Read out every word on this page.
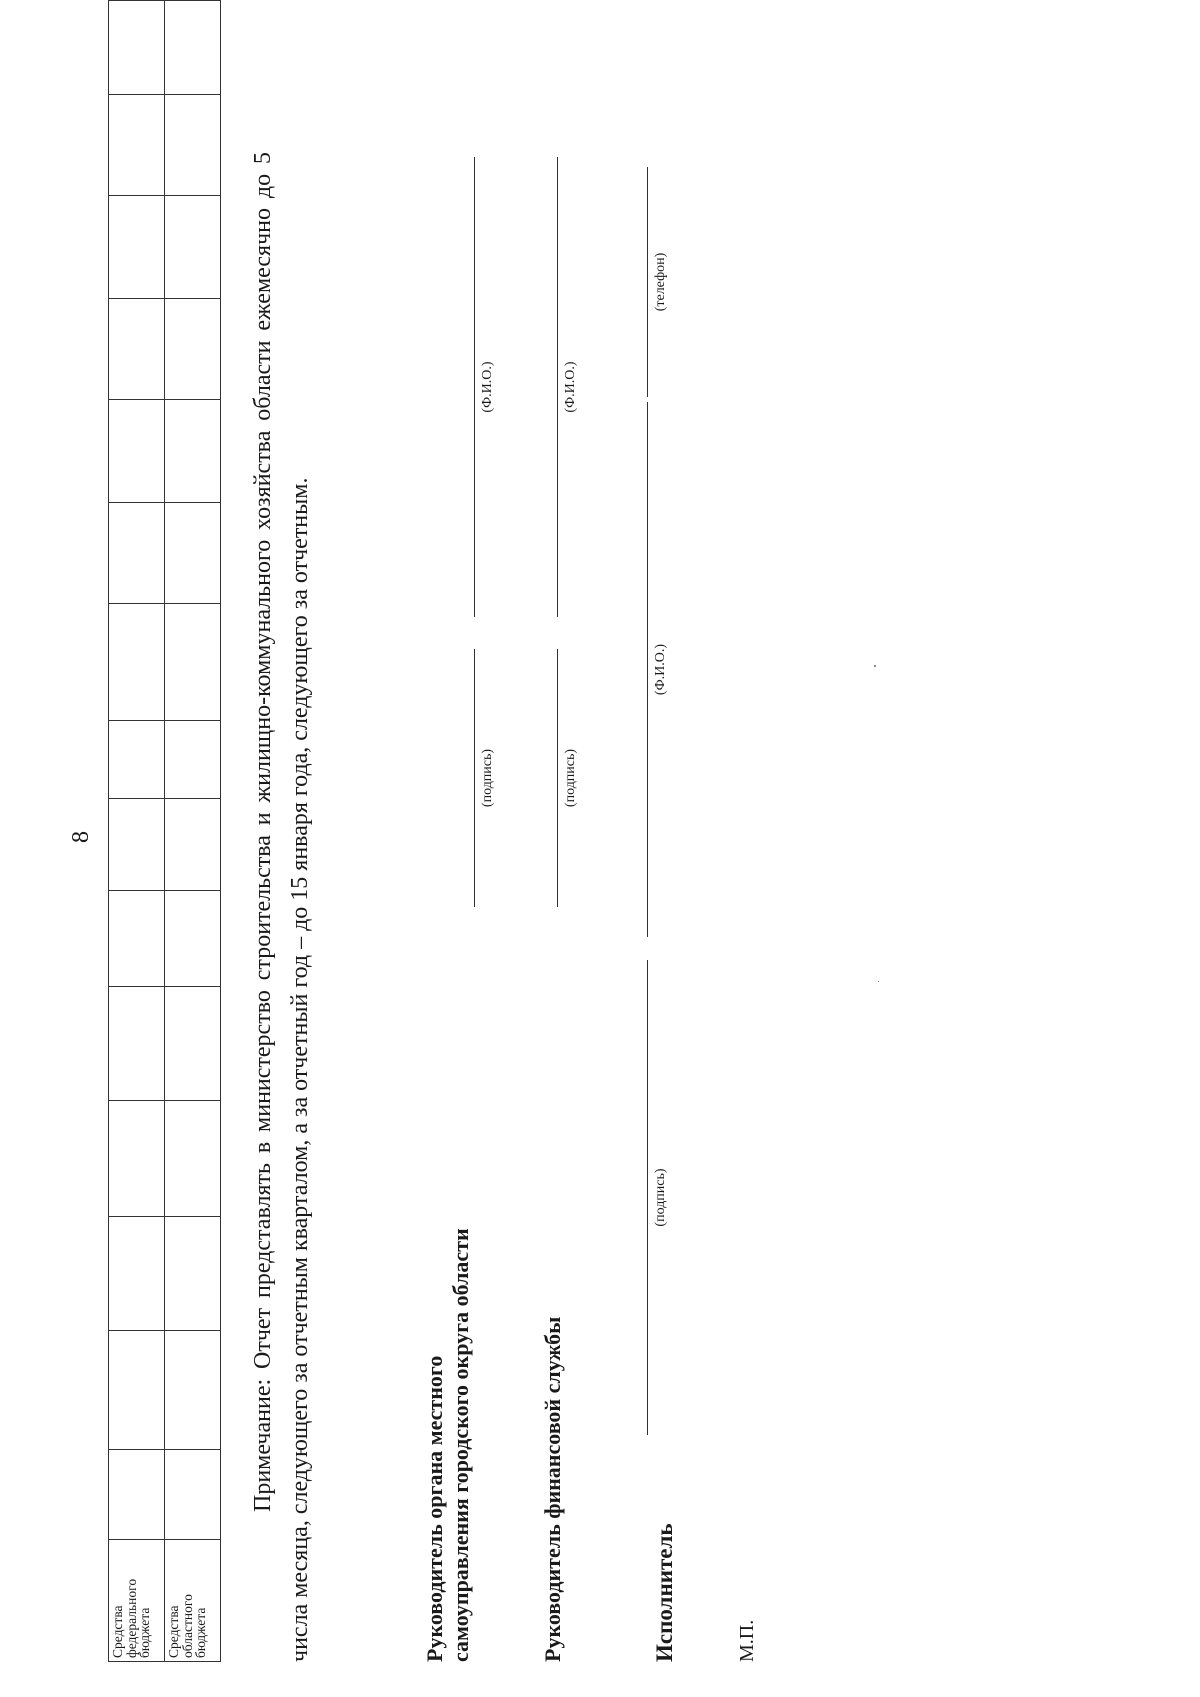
8
Средства
федерального
бюджета															
Средства
областного
бюджета															
Примечание: Отчет представлять в министерство строительства и жилищно-коммунального хозяйства области ежемесячно до 5 числа месяца, следующего за отчетным кварталом, а за отчетный год – до 15 января года, следующего за отчетным.	Руководитель органа местного самоуправления городского округа области
(подпись)
(Ф.И.О.)
Руководитель финансовой службы
(подпись)
(Ф.И.О.)
Исполнитель
(подпись)
(Ф.И.О.)
(телефон)
М.П.
